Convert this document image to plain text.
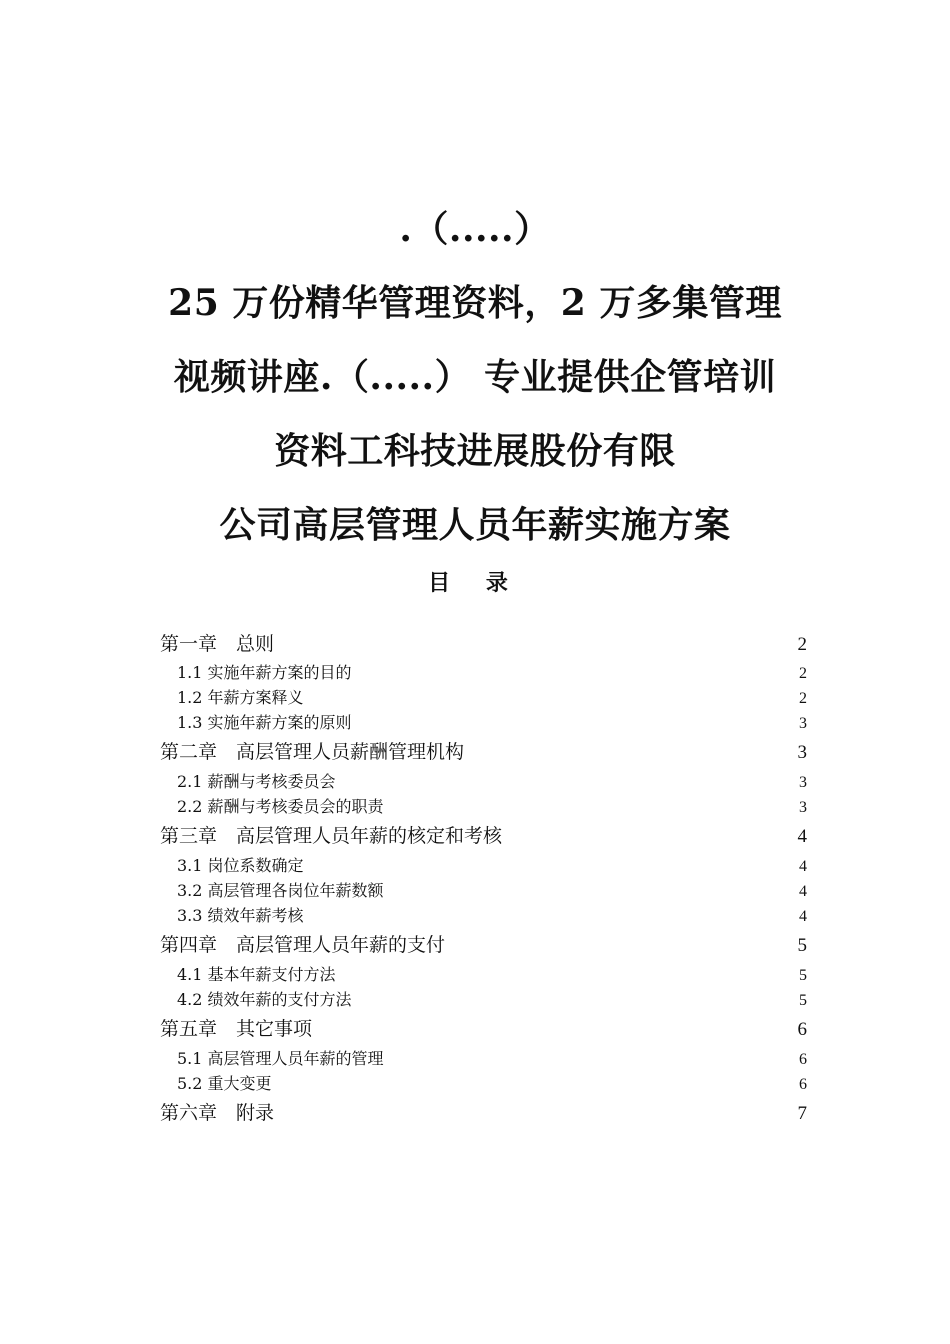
.（.....）
25 万份精华管理资料，2 万多集管理
视频讲座.（.....） 专业提供企管培训
资料工科技进展股份有限
公司高层管理人员年薪实施方案
目 录
第一章　总则	2
1.1 实施年薪方案的目的	2
1.2 年薪方案释义	2
1.3 实施年薪方案的原则	3
第二章　高层管理人员薪酬管理机构	3
2.1 薪酬与考核委员会	3
2.2 薪酬与考核委员会的职责	3
第三章　高层管理人员年薪的核定和考核	4
3.1 岗位系数确定	4
3.2 高层管理各岗位年薪数额	4
3.3 绩效年薪考核	4
第四章　高层管理人员年薪的支付	5
4.1 基本年薪支付方法	5
4.2 绩效年薪的支付方法	5
第五章　其它事项	6
5.1 高层管理人员年薪的管理	6
5.2 重大变更	6
第六章　附录	7
